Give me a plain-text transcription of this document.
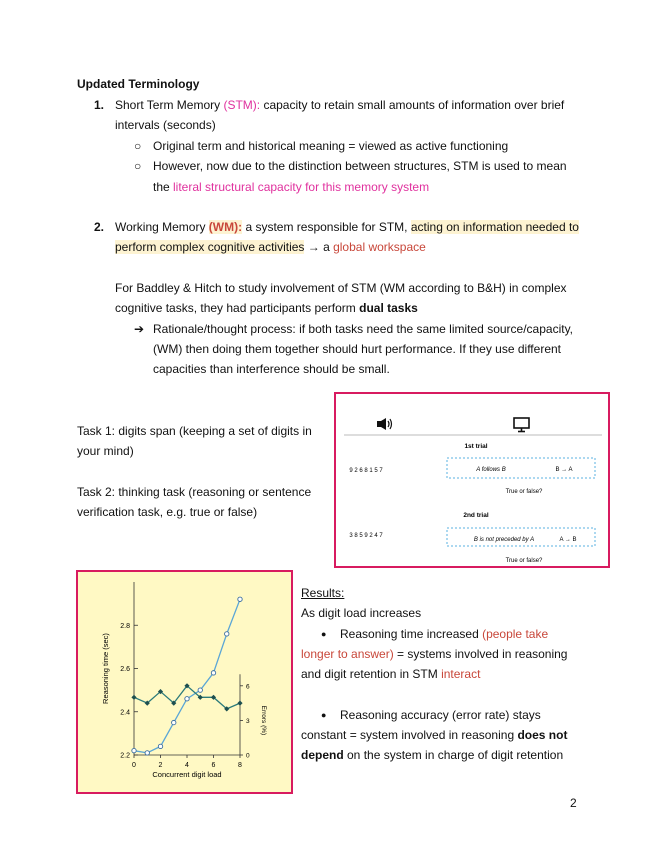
Updated Terminology
1. Short Term Memory (STM): capacity to retain small amounts of information over brief
intervals (seconds)
○ Original term and historical meaning = viewed as active functioning
○ However, now due to the distinction between structures, STM is used to mean
the literal structural capacity for this memory system
2. Working Memory (WM): a system responsible for STM, acting on information needed to
perform complex cognitive activities → a global workspace
For Baddley & Hitch to study involvement of STM (WM according to B&H) in complex
cognitive tasks, they had participants perform dual tasks
➔ Rationale/thought process: if both tasks need the same limited source/capacity,
(WM) then doing them together should hurt performance. If they use different
capacities than interference should be small.
Task 1: digits span (keeping a set of digits in
your mind)
Task 2: thinking task (reasoning or sentence
verification task, e.g. true or false)
1st trial
9 2 6 8 1 5 7	A follows B	B → A
True or false?
2nd trial
3 8 5 9 2 4 7
B is not preceded by A	A → B
True or false?
0	2	4	6	8
2.2
2.4
2.6
2.8
0
3
6
Concurrent digit load
Reasoning time (sec)
Errors (%)
Results:
As digit load increases
● Reasoning time increased (people take
longer to answer) = systems involved in reasoning
and digit retention in STM interact
● Reasoning accuracy (error rate) stays
constant = system involved in reasoning does not
depend on the system in charge of digit retention
2
